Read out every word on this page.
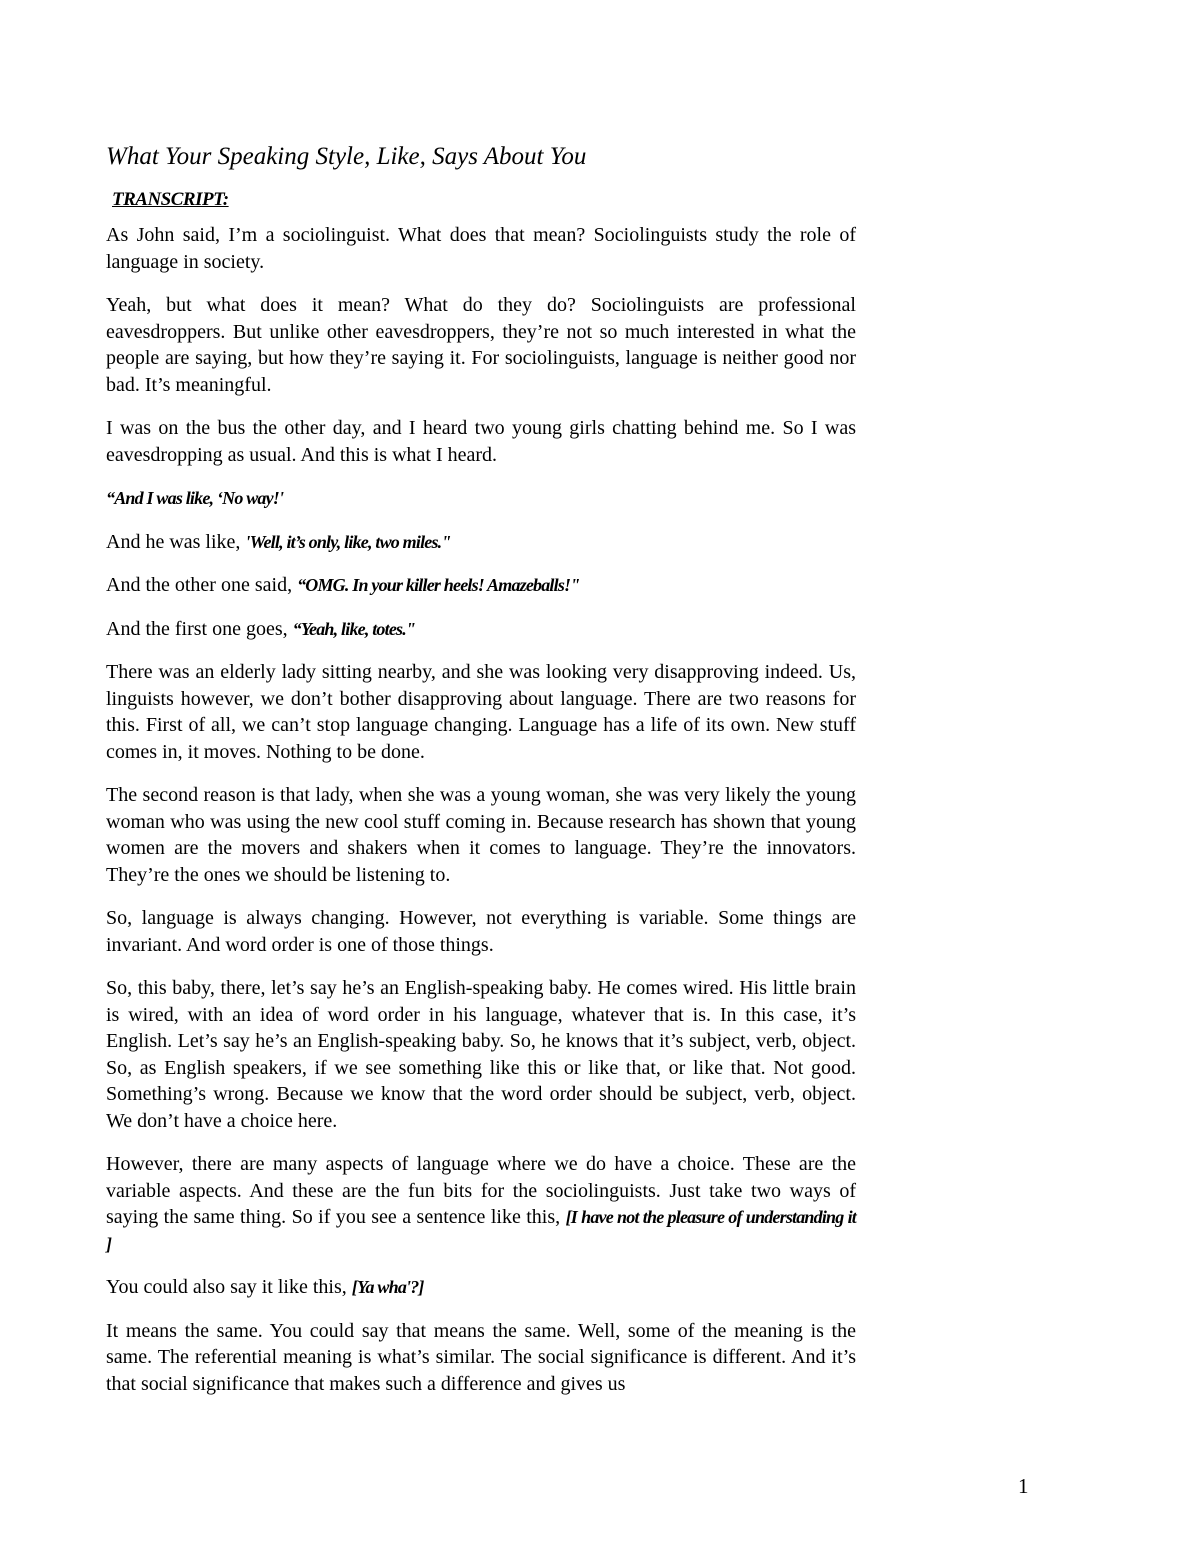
What Your Speaking Style, Like, Says About You
TRANSCRIPT:

As John said, I’m a sociolinguist. What does that mean? Sociolinguists study the role of language in society.

Yeah, but what does it mean? What do they do? Sociolinguists are professional eavesdroppers. But unlike other eavesdroppers, they’re not so much interested in what the people are saying, but how they’re saying it. For sociolinguists, language is neither good nor bad. It’s meaningful.

I was on the bus the other day, and I heard two young girls chatting behind me. So I was eavesdropping as usual. And this is what I heard.

“And I was like, ‘No way!'

And he was like, 'Well, it’s only, like, two miles."

And the other one said, “OMG. In your killer heels! Amazeballs!"

And the first one goes, “Yeah, like, totes."

There was an elderly lady sitting nearby, and she was looking very disapproving indeed. Us, linguists however, we don’t bother disapproving about language. There are two reasons for this. First of all, we can’t stop language changing. Language has a life of its own. New stuff comes in, it moves. Nothing to be done.

The second reason is that lady, when she was a young woman, she was very likely the young woman who was using the new cool stuff coming in. Because research has shown that young women are the movers and shakers when it comes to language. They’re the innovators. They’re the ones we should be listening to.

So, language is always changing. However, not everything is variable. Some things are invariant. And word order is one of those things.

So, this baby, there, let’s say he’s an English-speaking baby. He comes wired. His little brain is wired, with an idea of word order in his language, whatever that is. In this case, it’s English. Let’s say he’s an English-speaking baby. So, he knows that it’s subject, verb, object. So, as English speakers, if we see something like this or like that, or like that. Not good. Something’s wrong. Because we know that the word order should be subject, verb, object. We don’t have a choice here.

However, there are many aspects of language where we do have a choice. These are the variable aspects. And these are the fun bits for the sociolinguists. Just take two ways of saying the same thing. So if you see a sentence like this, [I have not the pleasure of understanding it ]

You could also say it like this, [Ya wha'?]

It means the same. You could say that means the same. Well, some of the meaning is the same. The referential meaning is what’s similar. The social significance is different. And it’s that social significance that makes such a difference and gives us

1
